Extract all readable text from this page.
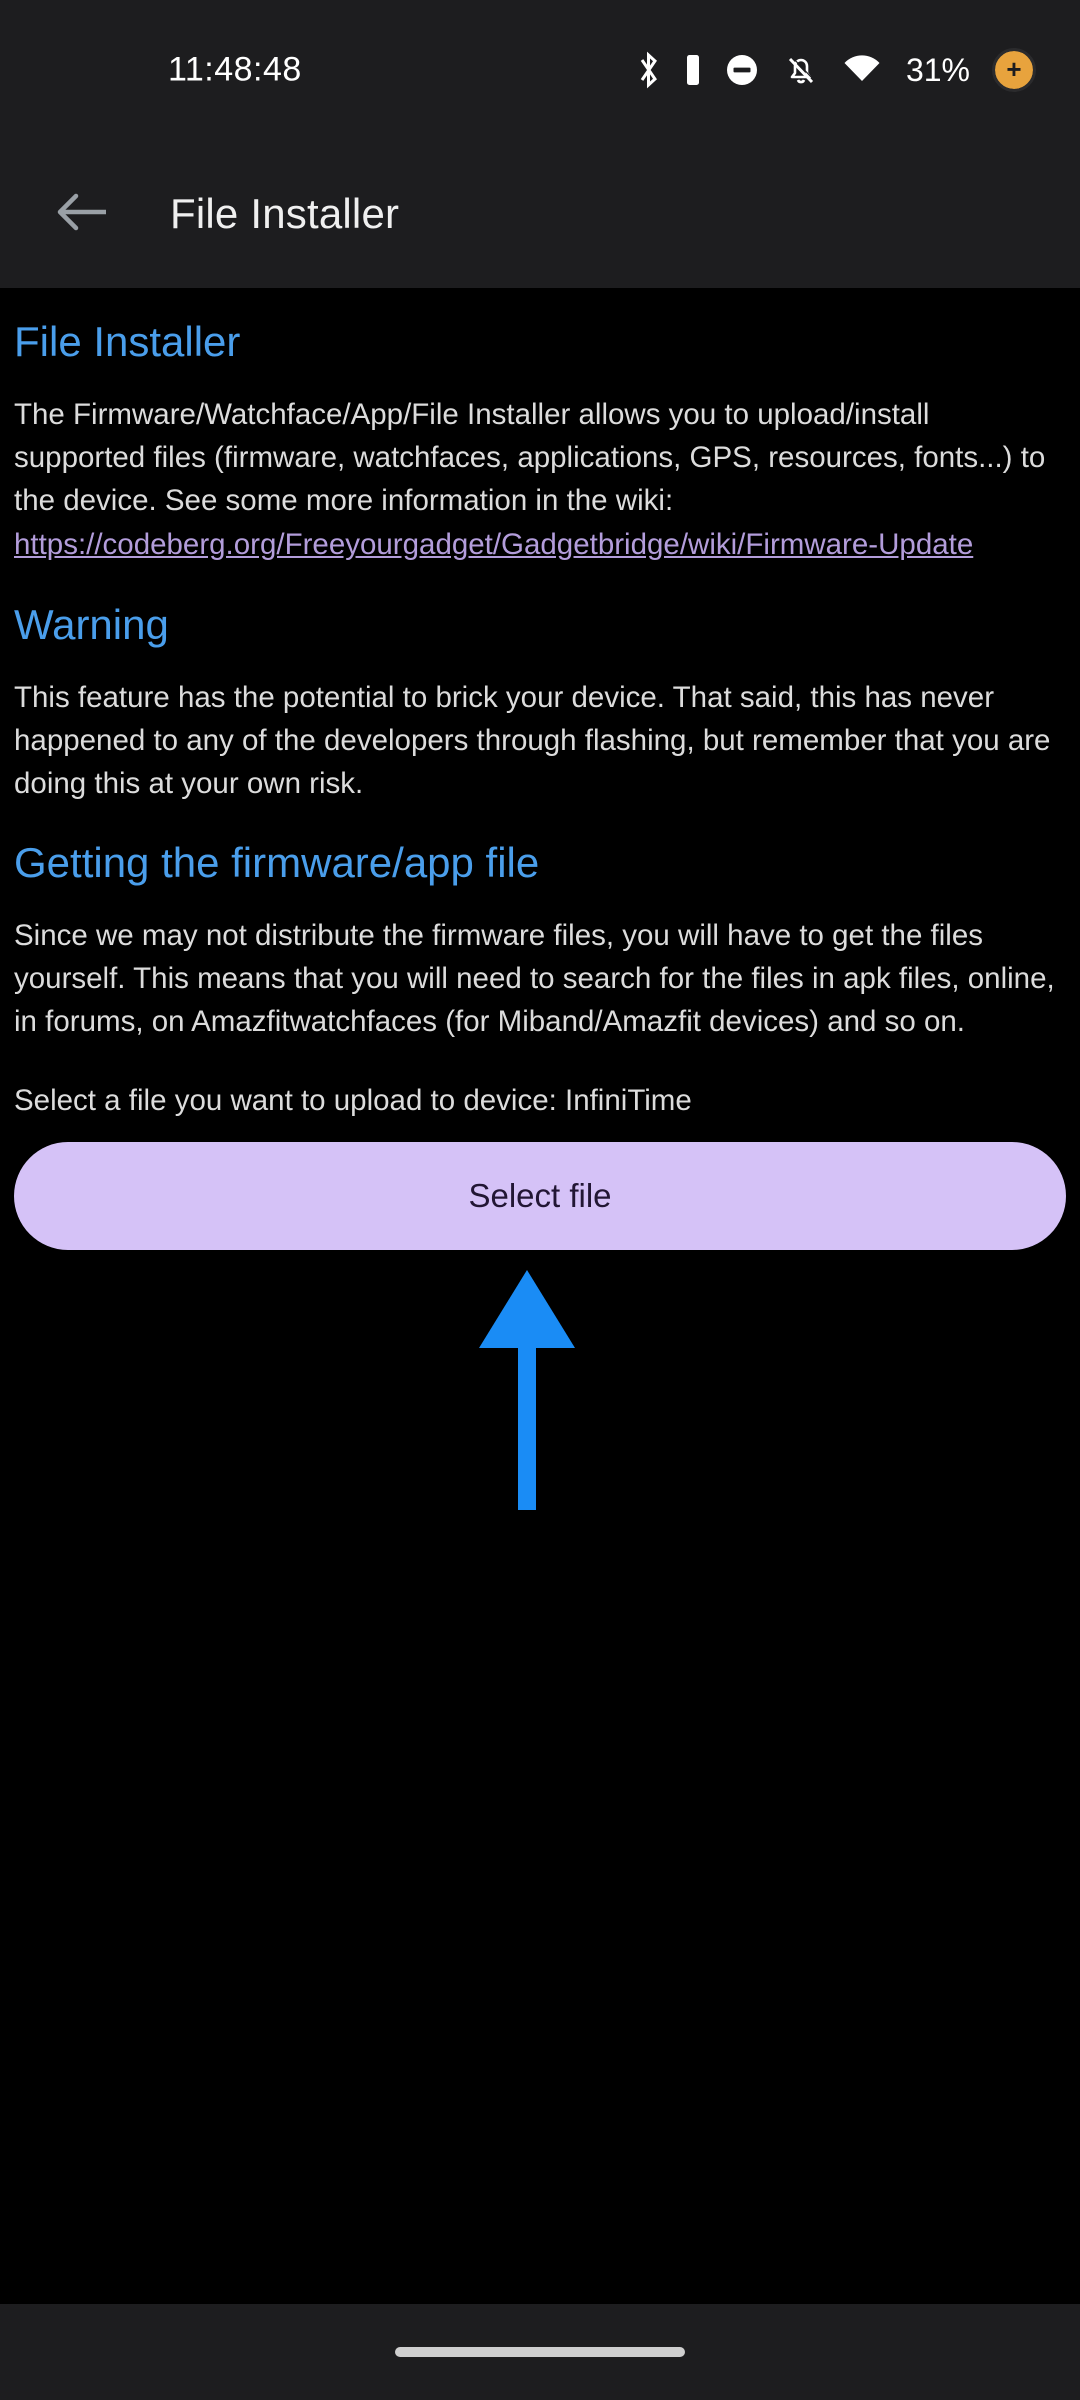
11:48:48	31% +
File Installer
File Installer

The Firmware/Watchface/App/File Installer allows you to upload/install supported files (firmware, watchfaces, applications, GPS, resources, fonts...) to the device. See some more information in the wiki:

https://codeberg.org/Freeyourgadget/Gadgetbridge/wiki/Firmware-Update
Warning

This feature has the potential to brick your device. That said, this has never happened to any of the developers through flashing, but remember that you are doing this at your own risk.

Getting the firmware/app file

Since we may not distribute the firmware files, you will have to get the files yourself. This means that you will need to search for the files in apk files, online, in forums, on Amazfitwatchfaces (for Miband/Amazfit devices) and so on.

Select a file you want to upload to device: InfiniTime
Select file
